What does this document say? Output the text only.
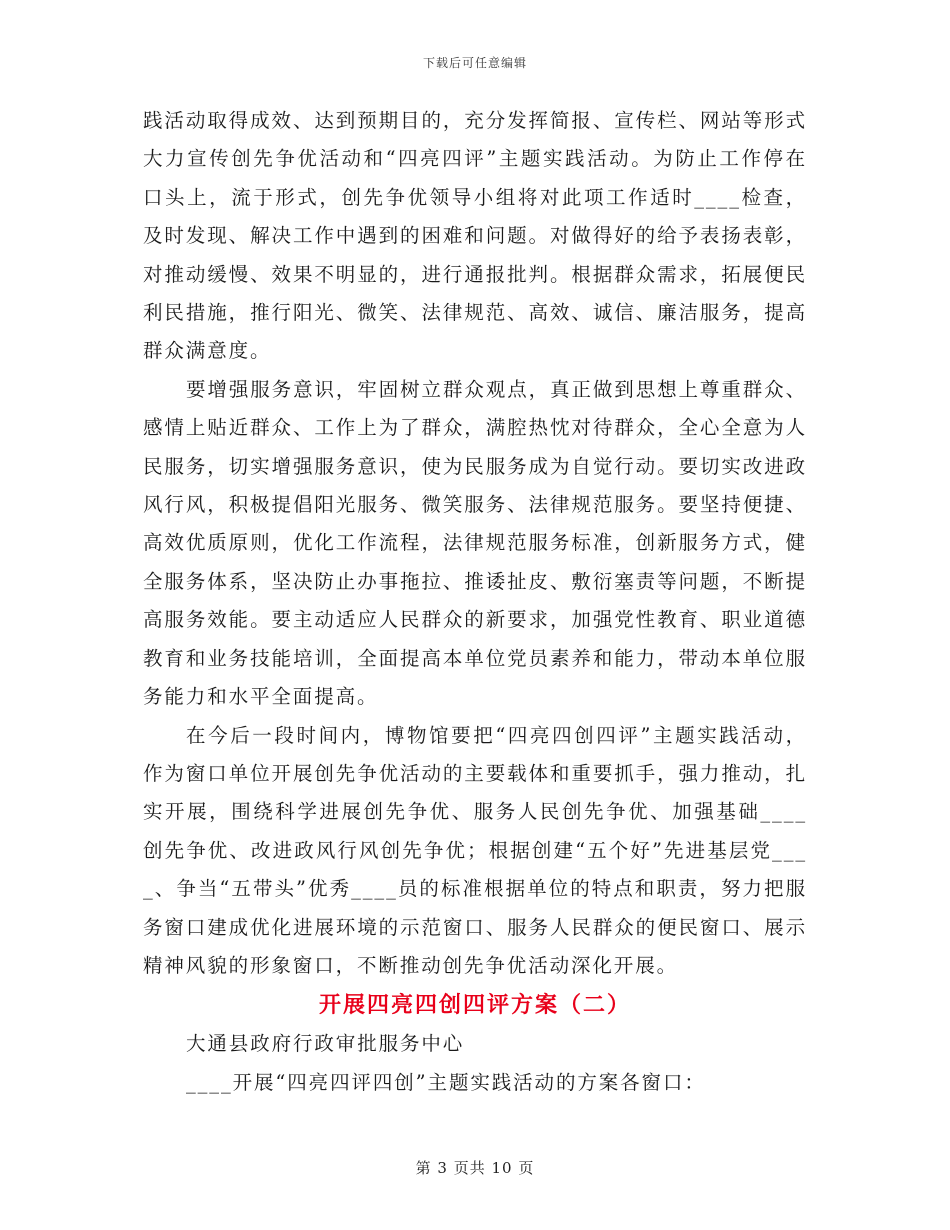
下载后可任意编辑

践活动取得成效、达到预期目的，充分发挥简报、宣传栏、网站等形式大力宣传创先争优活动和“四亮四评”主题实践活动。为防止工作停在口头上，流于形式，创先争优领导小组将对此项工作适时____检查，及时发现、解决工作中遇到的困难和问题。对做得好的给予表扬表彰，对推动缓慢、效果不明显的，进行通报批判。根据群众需求，拓展便民利民措施，推行阳光、微笑、法律规范、高效、诚信、廉洁服务，提高群众满意度。

要增强服务意识，牢固树立群众观点，真正做到思想上尊重群众、感情上贴近群众、工作上为了群众，满腔热忱对待群众，全心全意为人民服务，切实增强服务意识，使为民服务成为自觉行动。要切实改进政风行风，积极提倡阳光服务、微笑服务、法律规范服务。要坚持便捷、高效优质原则，优化工作流程，法律规范服务标准，创新服务方式，健全服务体系，坚决防止办事拖拉、推诿扯皮、敷衍塞责等问题，不断提高服务效能。要主动适应人民群众的新要求，加强党性教育、职业道德教育和业务技能培训，全面提高本单位党员素养和能力，带动本单位服务能力和水平全面提高。

在今后一段时间内，博物馆要把“四亮四创四评”主题实践活动，作为窗口单位开展创先争优活动的主要载体和重要抓手，强力推动，扎实开展，围绕科学进展创先争优、服务人民创先争优、加强基础____创先争优、改进政风行风创先争优；根据创建“五个好”先进基层党____、争当“五带头”优秀____员的标准根据单位的特点和职责，努力把服务窗口建成优化进展环境的示范窗口、服务人民群众的便民窗口、展示精神风貌的形象窗口，不断推动创先争优活动深化开展。

开展四亮四创四评方案（二）

大通县政府行政审批服务中心

____开展“四亮四评四创”主题实践活动的方案各窗口：

第 3 页共 10 页
